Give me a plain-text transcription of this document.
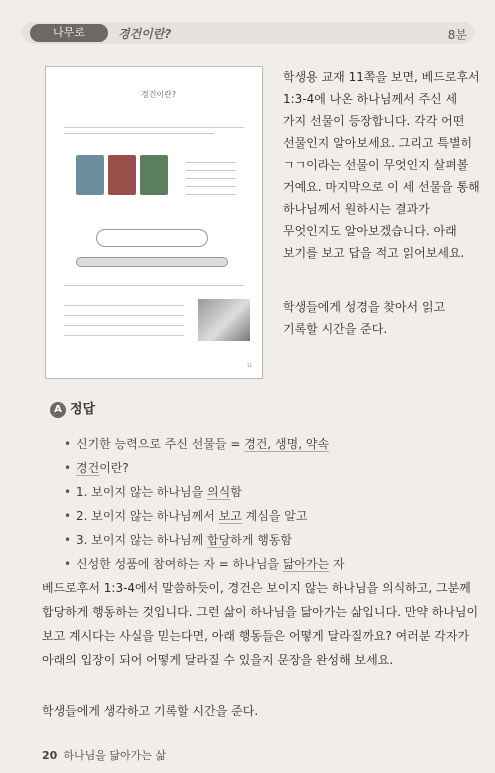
나무로	경건이란?	8분
경건이란?
11
학생용 교재 11쪽을 보면, 베드로후서 1:3-4에 나온 하나님께서 주신 세 가지 선물이 등장합니다. 각각 어떤 선물인지 알아보세요. 그리고 특별히 ㄱㄱ이라는 선물이 무엇인지 살펴볼 거예요. 마지막으로 이 세 선물을 통해 하나님께서 원하시는 결과가 무엇인지도 알아보겠습니다. 아래 보기를 보고 답을 적고 읽어보세요.
학생들에게 성경을 찾아서 읽고 기록할 시간을 준다.
A 정답
• 신기한 능력으로 주신 선물들 = 경건, 생명, 약속
• 경건이란?
• 1. 보이지 않는 하나님을 의식함
• 2. 보이지 않는 하나님께서 보고 계심을 알고
• 3. 보이지 않는 하나님께 합당하게 행동함
• 신성한 성품에 참여하는 자 = 하나님을 닮아가는 자
베드로후서 1:3-4에서 말씀하듯이, 경건은 보이지 않는 하나님을 의식하고, 그분께 합당하게 행동하는 것입니다. 그런 삶이 하나님을 닮아가는 삶입니다. 만약 하나님이 보고 계시다는 사실을 믿는다면, 아래 행동들은 어떻게 달라질까요? 여러분 각자가 아래의 입장이 되어 어떻게 달라질 수 있을지 문장을 완성해 보세요.
학생들에게 생각하고 기록할 시간을 준다.
20 하나님을 닮아가는 삶
